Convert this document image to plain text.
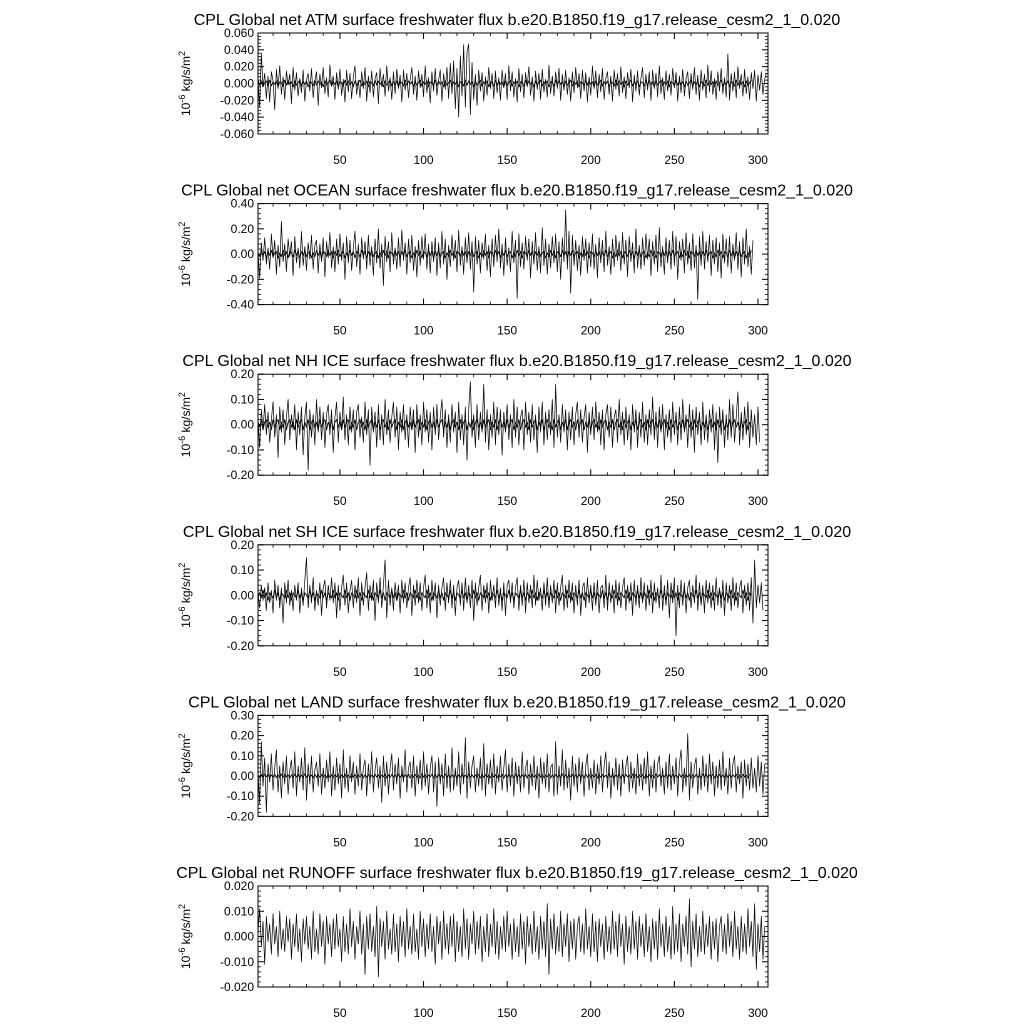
CPL Global net ATM surface freshwater flux b.e20.B1850.f19_g17.release_cesm2_1_0.020
-0.060
-0.040
-0.020
0.000
0.020
0.040
0.060
50	100	150	200	250	300
$10^{-6}$ $kg/s/m^2$
CPL Global net OCEAN surface freshwater flux b.e20.B1850.f19_g17.release_cesm2_1_0.020
-0.40
-0.20
0.00
0.20
0.40
50	100	150	200	250	300
$10^{-6}$ $kg/s/m^2$
CPL Global net NH ICE surface freshwater flux b.e20.B1850.f19_g17.release_cesm2_1_0.020
-0.20
-0.10
0.00
0.10
0.20
50	100	150	200	250	300
$10^{-6}$ $kg/s/m^2$
CPL Global net SH ICE surface freshwater flux b.e20.B1850.f19_g17.release_cesm2_1_0.020
-0.20
-0.10
0.00
0.10
0.20
50	100	150	200	250	300
$10^{-6}$ $kg/s/m^2$
CPL Global net LAND surface freshwater flux b.e20.B1850.f19_g17.release_cesm2_1_0.020
-0.20
-0.10
0.00
0.10
0.20
0.30
50	100	150	200	250	300
$10^{-6}$ $kg/s/m^2$
CPL Global net RUNOFF surface freshwater flux b.e20.B1850.f19_g17.release_cesm2_1_0.020
-0.020
-0.010
0.000
0.010
0.020
50	100	150	200	250	300
$10^{-6}$ $kg/s/m^2$
